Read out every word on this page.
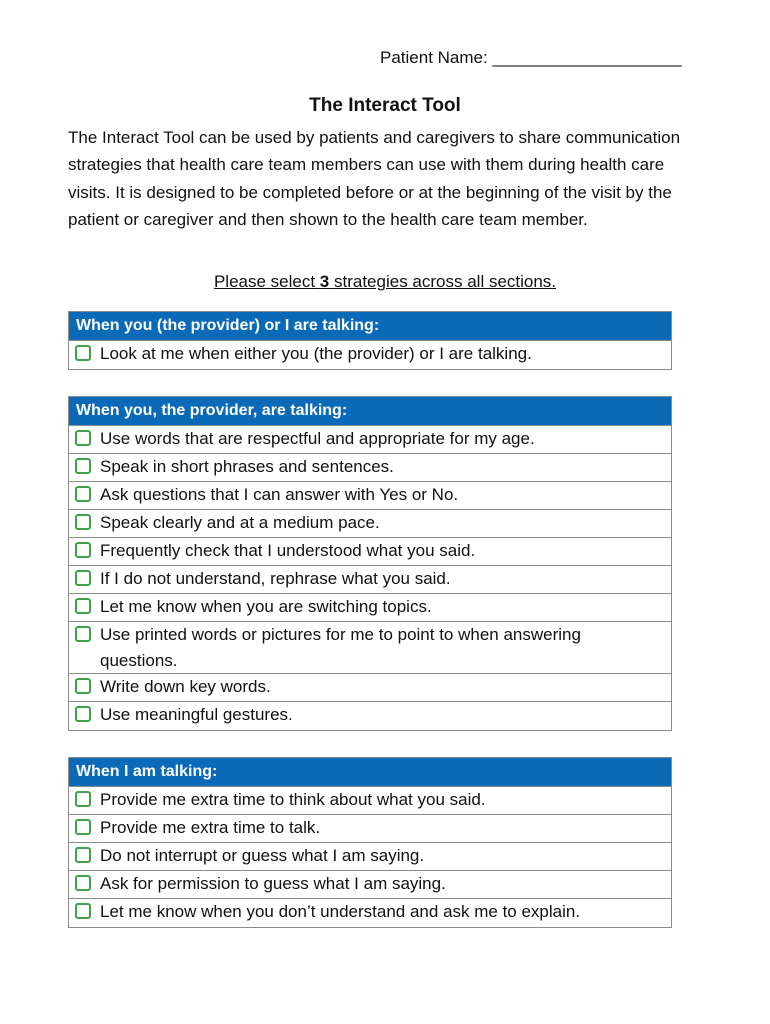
Patient Name: ____________________
The Interact Tool
The Interact Tool can be used by patients and caregivers to share communication strategies that health care team members can use with them during health care visits. It is designed to be completed before or at the beginning of the visit by the patient or caregiver and then shown to the health care team member.
Please select 3 strategies across all sections.
When you (the provider) or I are talking:
Look at me when either you (the provider) or I are talking.
When you, the provider, are talking:
Use words that are respectful and appropriate for my age.
Speak in short phrases and sentences.
Ask questions that I can answer with Yes or No.
Speak clearly and at a medium pace.
Frequently check that I understood what you said.
If I do not understand, rephrase what you said.
Let me know when you are switching topics.
Use printed words or pictures for me to point to when answering questions.
Write down key words.
Use meaningful gestures.
When I am talking:
Provide me extra time to think about what you said.
Provide me extra time to talk.
Do not interrupt or guess what I am saying.
Ask for permission to guess what I am saying.
Let me know when you don’t understand and ask me to explain.
